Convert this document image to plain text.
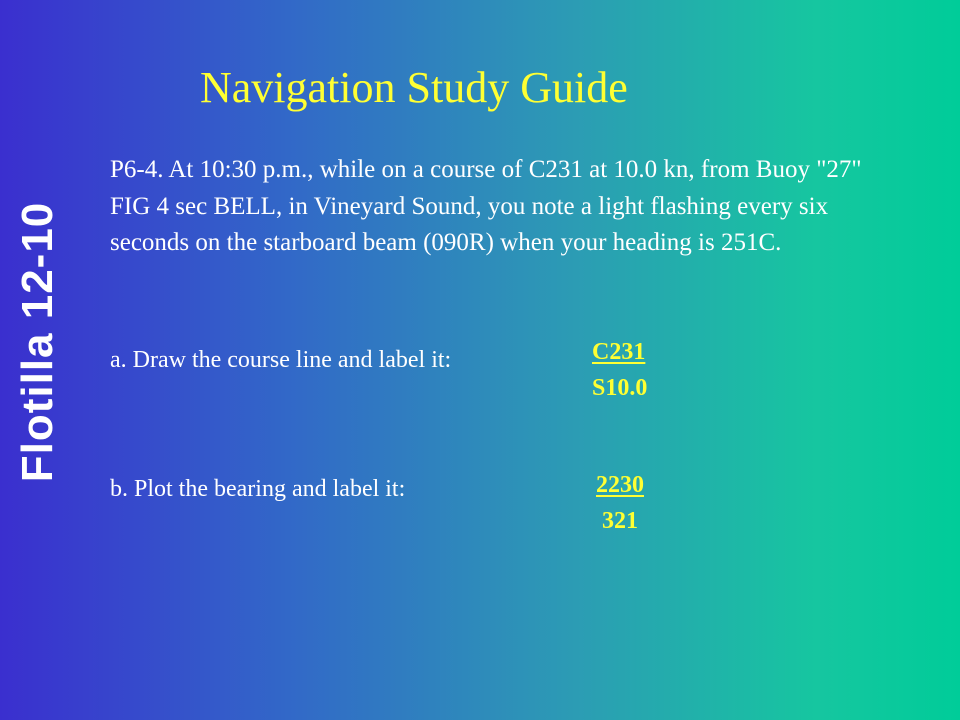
Flotilla 12-10
Navigation Study Guide

P6-4. At 10:30 p.m., while on a course of C231 at 10.0 kn, from Buoy "27" FIG 4 sec BELL, in Vineyard Sound, you note a light flashing every six seconds on the starboard beam (090R) when your heading is 251C.

a. Draw the course line and label it:	C231
S10.0
b. Plot the bearing and label it:	2230
321
